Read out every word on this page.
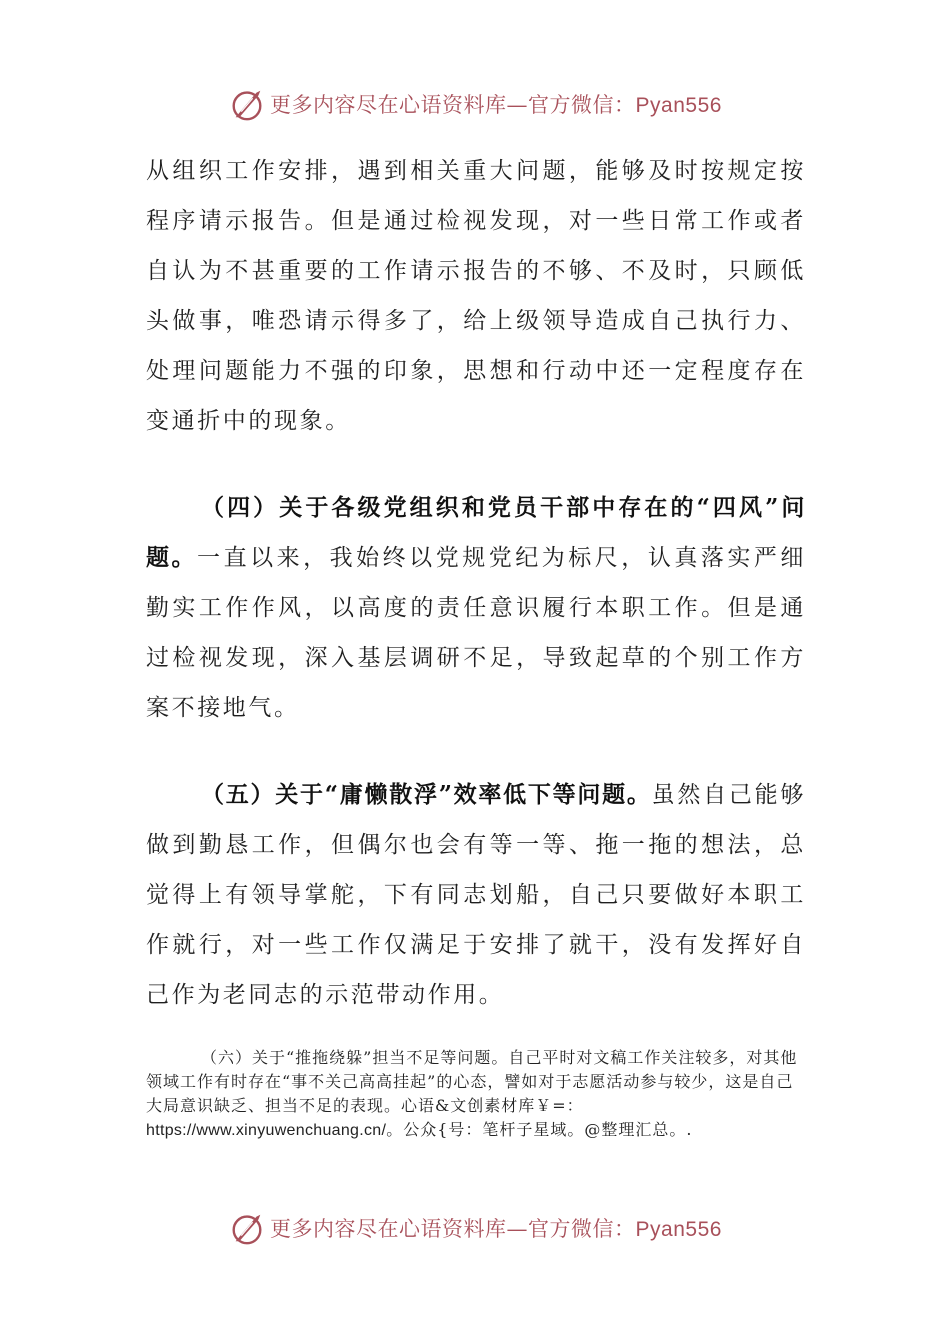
更多内容尽在心语资料库—官方微信：Pyan556

从组织工作安排，遇到相关重大问题，能够及时按规定按程序请示报告。但是通过检视发现，对一些日常工作或者自认为不甚重要的工作请示报告的不够、不及时，只顾低头做事，唯恐请示得多了，给上级领导造成自己执行力、处理问题能力不强的印象，思想和行动中还一定程度存在变通折中的现象。

（四）关于各级党组织和党员干部中存在的“四风”问题。一直以来，我始终以党规党纪为标尺，认真落实严细勤实工作作风，以高度的责任意识履行本职工作。但是通过检视发现，深入基层调研不足，导致起草的个别工作方案不接地气。

（五）关于“庸懒散浮”效率低下等问题。虽然自己能够做到勤恳工作，但偶尔也会有等一等、拖一拖的想法，总觉得上有领导掌舵，下有同志划船，自己只要做好本职工作就行，对一些工作仅满足于安排了就干，没有发挥好自己作为老同志的示范带动作用。

（六）关于“推拖绕躲”担当不足等问题。自己平时对文稿工作关注较多，对其他领域工作有时存在“事不关己高高挂起”的心态，譬如对于志愿活动参与较少，这是自己大局意识缺乏、担当不足的表现。心语&文创素材库￥=：https://www.xinyuwenchuang.cn/。公众{号：笔杆子星域。@整理汇总。.

更多内容尽在心语资料库—官方微信：Pyan556
